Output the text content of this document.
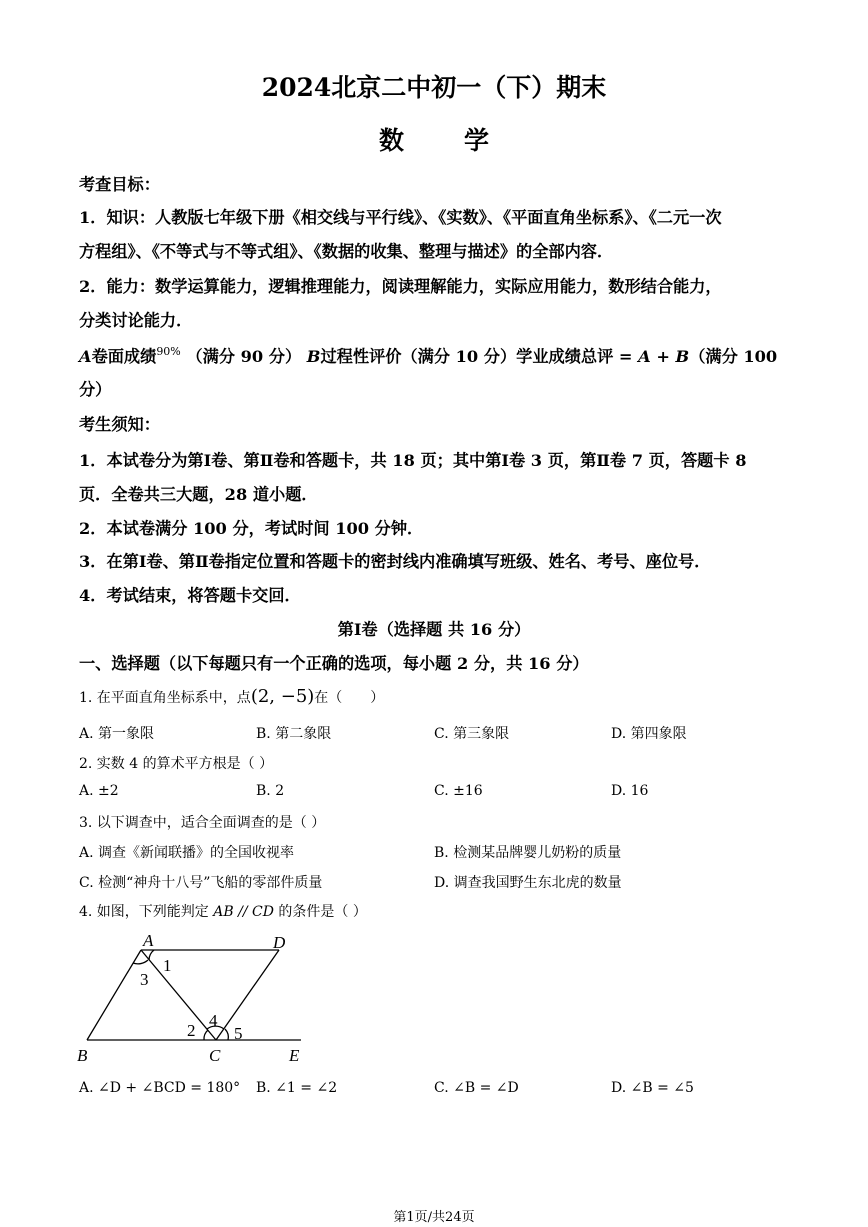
2024北京二中初一（下）期末
数学
考查目标：
1．知识：人教版七年级下册《相交线与平行线》、《实数》、《平面直角坐标系》、《二元一次
方程组》、《不等式与不等式组》、《数据的收集、整理与描述》的全部内容．
2．能力：数学运算能力，逻辑推理能力，阅读理解能力，实际应用能力，数形结合能力，
分类讨论能力．
A卷面成绩$^{90\%}$ （满分 90 分） B过程性评价（满分 10 分）学业成绩总评 = A + B（满分 100
分）
考生须知：
1．本试卷分为第Ⅰ卷、第Ⅱ卷和答题卡，共 18 页；其中第Ⅰ卷 3 页，第Ⅱ卷 7 页，答题卡 8
页．全卷共三大题，28 道小题．
2．本试卷满分 100 分，考试时间 100 分钟．
3．在第Ⅰ卷、第Ⅱ卷指定位置和答题卡的密封线内准确填写班级、姓名、考号、座位号．
4．考试结束，将答题卡交回．
第Ⅰ卷（选择题 共 16 分）
一、选择题（以下每题只有一个正确的选项，每小题 2 分，共 16 分）
1. 在平面直角坐标系中，点(2, −5)在（　　）
A. 第一象限	B. 第二象限	C. 第三象限	D. 第四象限
2. 实数 4 的算术平方根是（ ）
A. ±2	B. 2	C. ±16	D. 16
3. 以下调查中，适合全面调查的是（ ）
A. 调查《新闻联播》的全国收视率	B. 检测某品牌婴儿奶粉的质量
C. 检测“神舟十八号”飞船的零部件质量	D. 调查我国野生东北虎的数量
4. 如图，下列能判定 AB // CD 的条件是（ ）
A	D
B	C	E
1
2
3
4
5
A. ∠D + ∠BCD = 180° B. ∠1 = ∠2	C. ∠B = ∠D	D. ∠B = ∠5
第1页/共24页
